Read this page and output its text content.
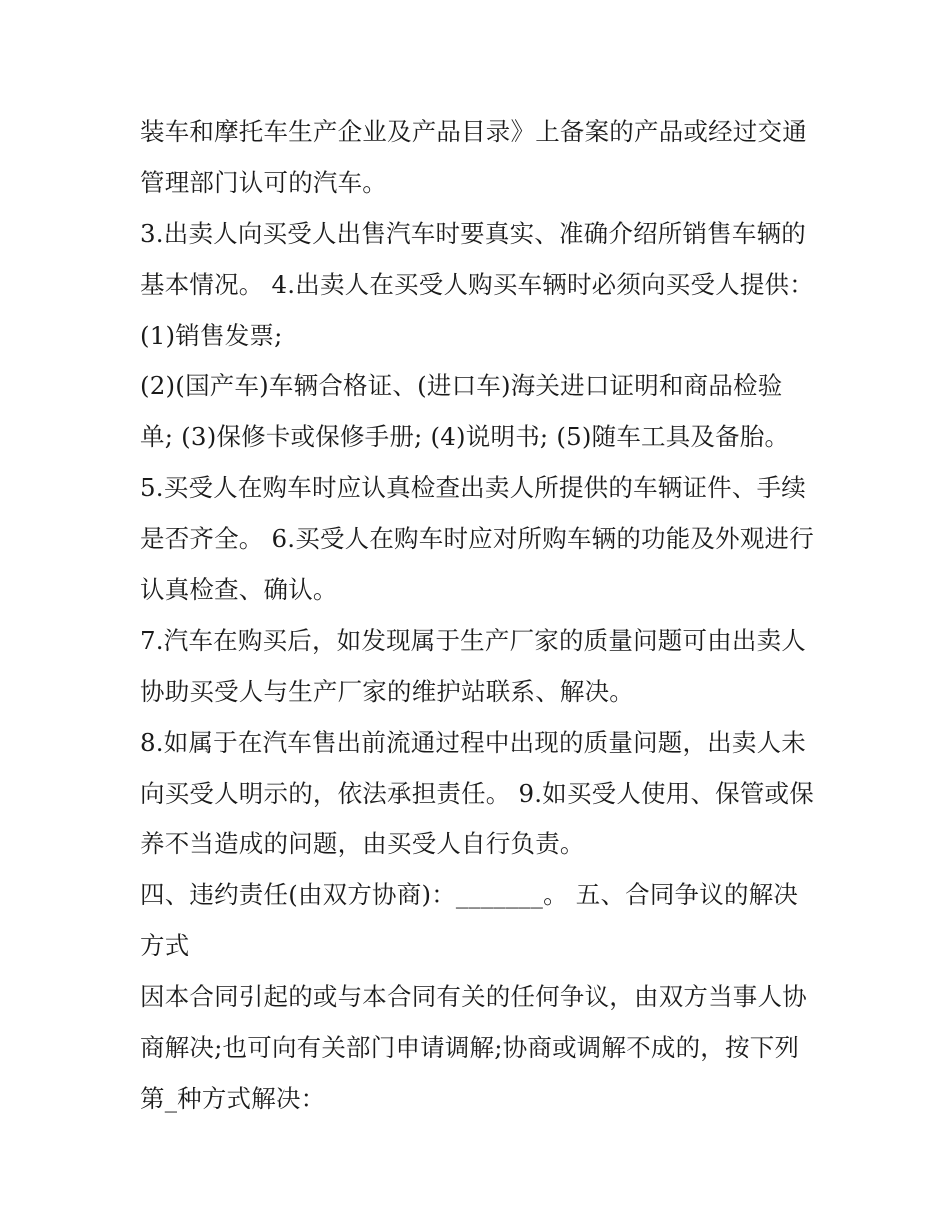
装车和摩托车生产企业及产品目录》上备案的产品或经过交通
管理部门认可的汽车。
3.出卖人向买受人出售汽车时要真实、准确介绍所销售车辆的
基本情况。 4.出卖人在买受人购买车辆时必须向买受人提供：
(1)销售发票;
(2)(国产车)车辆合格证、(进口车)海关进口证明和商品检验
单; (3)保修卡或保修手册; (4)说明书; (5)随车工具及备胎。
5.买受人在购车时应认真检查出卖人所提供的车辆证件、手续
是否齐全。 6.买受人在购车时应对所购车辆的功能及外观进行
认真检查、确认。
7.汽车在购买后，如发现属于生产厂家的质量问题可由出卖人
协助买受人与生产厂家的维护站联系、解决。
8.如属于在汽车售出前流通过程中出现的质量问题，出卖人未
向买受人明示的，依法承担责任。 9.如买受人使用、保管或保
养不当造成的问题，由买受人自行负责。
四、违约责任(由双方协商)：_______。 五、合同争议的解决
方式
因本合同引起的或与本合同有关的任何争议，由双方当事人协
商解决;也可向有关部门申请调解;协商或调解不成的，按下列
第_种方式解决：
